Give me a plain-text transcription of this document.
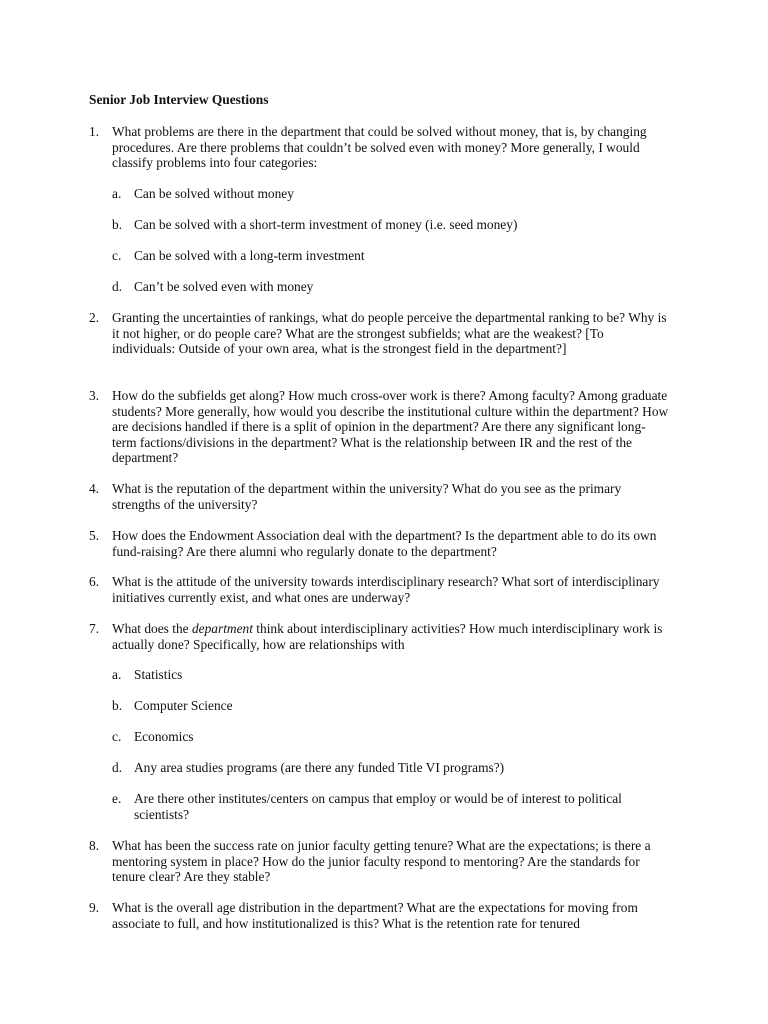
Senior Job Interview Questions
1. What problems are there in the department that could be solved without money, that is, by changing procedures. Are there problems that couldn’t be solved even with money? More generally, I would classify problems into four categories:
a. Can be solved without money
b. Can be solved with a short-term investment of money (i.e. seed money)
c. Can be solved with a long-term investment
d. Can’t be solved even with money
2. Granting the uncertainties of rankings, what do people perceive the departmental ranking to be? Why is it not higher, or do people care? What are the strongest subfields; what are the weakest? [To individuals: Outside of your own area, what is the strongest field in the department?]
3. How do the subfields get along? How much cross-over work is there? Among faculty? Among graduate students? More generally, how would you describe the institutional culture within the department? How are decisions handled if there is a split of opinion in the department? Are there any significant long-term factions/divisions in the department? What is the relationship between IR and the rest of the department?
4. What is the reputation of the department within the university? What do you see as the primary strengths of the university?
5. How does the Endowment Association deal with the department? Is the department able to do its own fund-raising? Are there alumni who regularly donate to the department?
6. What is the attitude of the university towards interdisciplinary research? What sort of interdisciplinary initiatives currently exist, and what ones are underway?
7. What does the department think about interdisciplinary activities? How much interdisciplinary work is actually done? Specifically, how are relationships with
a. Statistics
b. Computer Science
c. Economics
d. Any area studies programs (are there any funded Title VI programs?)
e. Are there other institutes/centers on campus that employ or would be of interest to political scientists?
8. What has been the success rate on junior faculty getting tenure? What are the expectations; is there a mentoring system in place? How do the junior faculty respond to mentoring? Are the standards for tenure clear? Are they stable?
9. What is the overall age distribution in the department? What are the expectations for moving from associate to full, and how institutionalized is this? What is the retention rate for tenured
